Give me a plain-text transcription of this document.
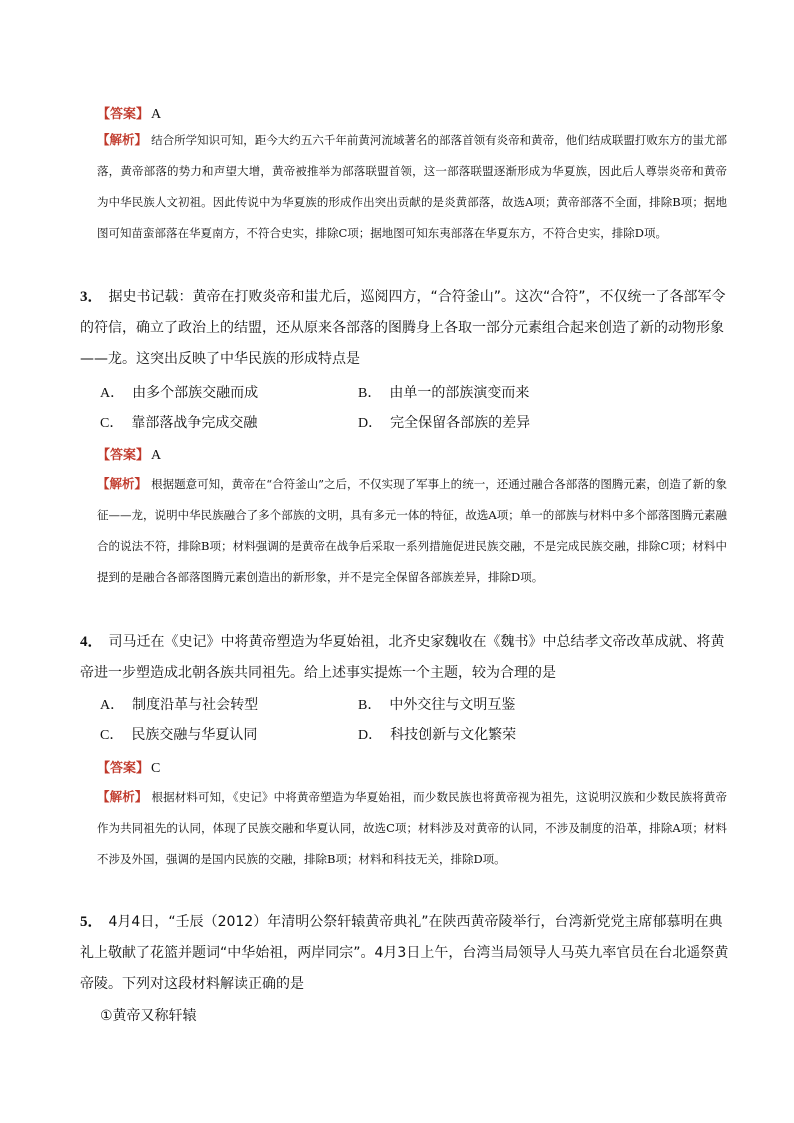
【答案】 A
【解析】 结合所学知识可知，距今大约五六千年前黄河流域著名的部落首领有炎帝和黄帝，他们结成联盟打败东方的蚩尤部落，黄帝部落的势力和声望大增，黄帝被推举为部落联盟首领，这一部落联盟逐渐形成为华夏族，因此后人尊崇炎帝和黄帝为中华民族人文初祖。因此传说中为华夏族的形成作出突出贡献的是炎黄部落，故选A项；黄帝部落不全面，排除B项；据地图可知苗蛮部落在华夏南方，不符合史实，排除C项；据地图可知东夷部落在华夏东方，不符合史实，排除D项。
3． 据史书记载：黄帝在打败炎帝和蚩尤后，巡阅四方，“合符釜山”。这次“合符”，不仅统一了各部军令的符信，确立了政治上的结盟，还从原来各部落的图腾身上各取一部分元素组合起来创造了新的动物形象——龙。这突出反映了中华民族的形成特点是
A． 由多个部族交融而成	B． 由单一的部族演变而来
C． 靠部落战争完成交融	D． 完全保留各部族的差异
【答案】 A
【解析】 根据题意可知，黄帝在“合符釜山”之后，不仅实现了军事上的统一，还通过融合各部落的图腾元素，创造了新的象征——龙，说明中华民族融合了多个部族的文明，具有多元一体的特征，故选A项；单一的部族与材料中多个部落图腾元素融合的说法不符，排除B项；材料强调的是黄帝在战争后采取一系列措施促进民族交融，不是完成民族交融，排除C项；材料中提到的是融合各部落图腾元素创造出的新形象，并不是完全保留各部族差异，排除D项。
4． 司马迁在《史记》中将黄帝塑造为华夏始祖，北齐史家魏收在《魏书》中总结孝文帝改革成就、将黄帝进一步塑造成北朝各族共同祖先。给上述事实提炼一个主题，较为合理的是
A． 制度沿革与社会转型	B． 中外交往与文明互鉴
C． 民族交融与华夏认同	D． 科技创新与文化繁荣
【答案】 C
【解析】 根据材料可知，《史记》中将黄帝塑造为华夏始祖，而少数民族也将黄帝视为祖先，这说明汉族和少数民族将黄帝作为共同祖先的认同，体现了民族交融和华夏认同，故选C项；材料涉及对黄帝的认同，不涉及制度的沿革，排除A项；材料不涉及外国，强调的是国内民族的交融，排除B项；材料和科技无关，排除D项。
5． 4月4日，“壬辰（2012）年清明公祭轩辕黄帝典礼”在陕西黄帝陵举行，台湾新党党主席郁慕明在典礼上敬献了花篮并题词“中华始祖，两岸同宗”。4月3日上午，台湾当局领导人马英九率官员在台北遥祭黄帝陵。下列对这段材料解读正确的是
①黄帝又称轩辕
